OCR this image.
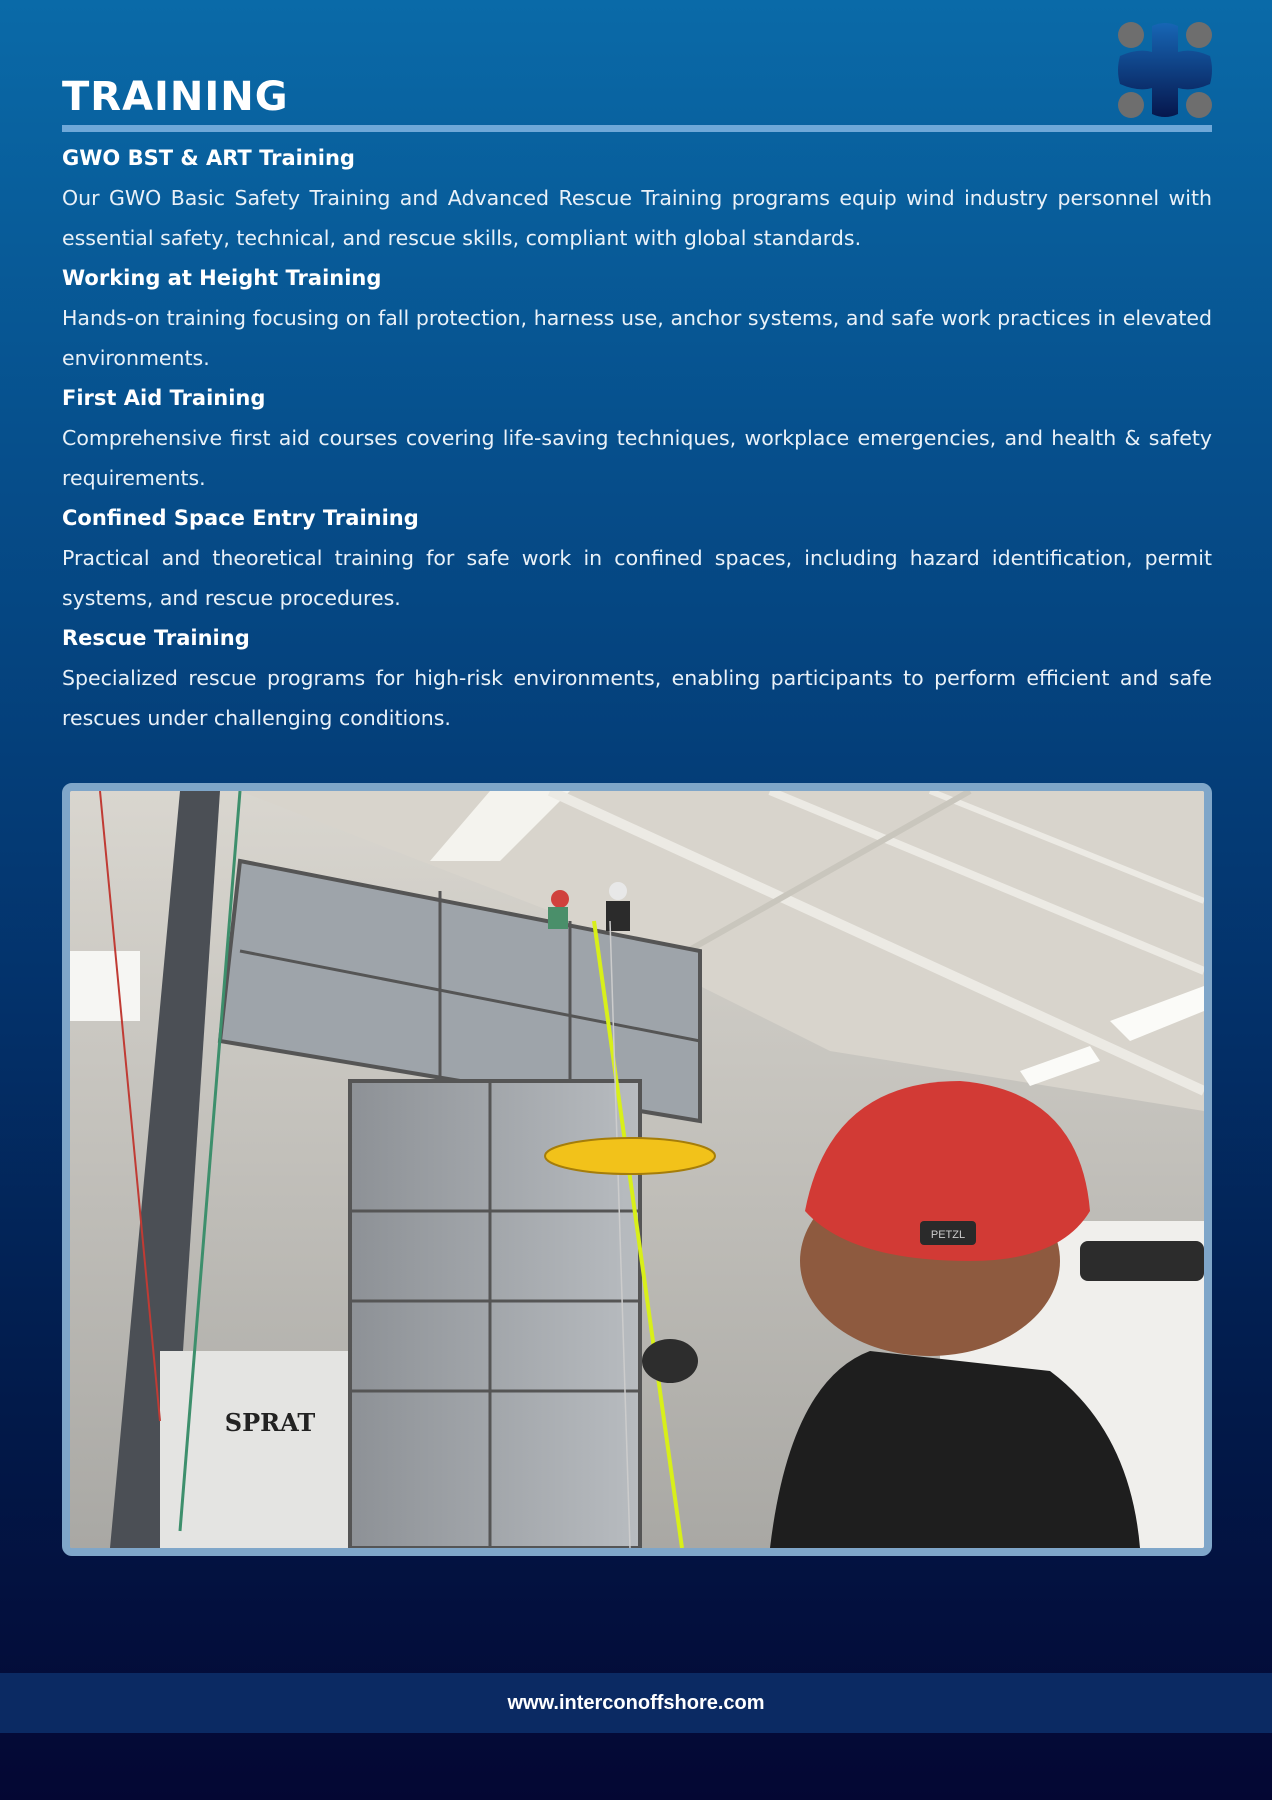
TRAINING
GWO BST & ART Training

Our GWO Basic Safety Training and Advanced Rescue Training programs equip wind industry personnel with essential safety, technical, and rescue skills, compliant with global standards.

Working at Height Training

Hands-on training focusing on fall protection, harness use, anchor systems, and safe work practices in elevated environments.

First Aid Training

Comprehensive first aid courses covering life-saving techniques, workplace emergencies, and health & safety requirements.

Confined Space Entry Training

Practical and theoretical training for safe work in confined spaces, including hazard identification, permit systems, and rescue procedures.

Rescue Training

Specialized rescue programs for high-risk environments, enabling participants to perform efficient and safe rescues under challenging conditions.

SPRAT
PETZL
www.interconoffshore.com
